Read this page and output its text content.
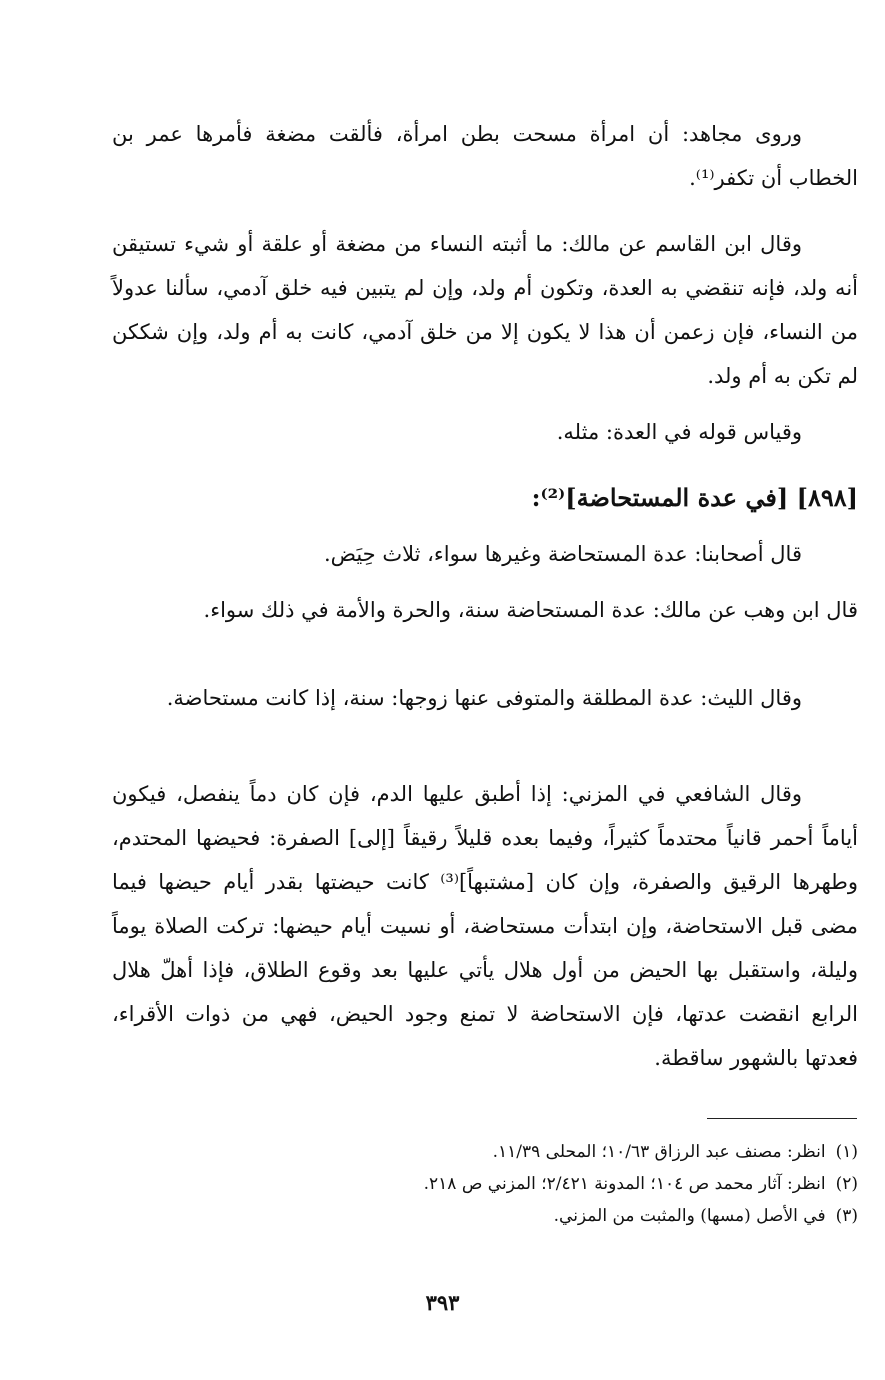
وروى مجاهد: أن امرأة مسحت بطن امرأة، فألقت مضغة فأمرها عمر بن الخطاب أن تكفر⁽¹⁾.
وقال ابن القاسم عن مالك: ما أثبته النساء من مضغة أو علقة أو شيء تستيقن أنه ولد، فإنه تنقضي به العدة، وتكون أم ولد، وإن لم يتبين فيه خلق آدمي، سألنا عدولاً من النساء، فإن زعمن أن هذا لا يكون إلا من خلق آدمي، كانت به أم ولد، وإن شككن لم تكن به أم ولد.
وقياس قوله في العدة: مثله.
[٨٩٨] [في عدة المستحاضة]⁽²⁾:
قال أصحابنا: عدة المستحاضة وغيرها سواء، ثلاث حِيَض.
قال ابن وهب عن مالك: عدة المستحاضة سنة، والحرة والأمة في ذلك سواء.
وقال الليث: عدة المطلقة والمتوفى عنها زوجها: سنة، إذا كانت مستحاضة.
وقال الشافعي في المزني: إذا أطبق عليها الدم، فإن كان دماً ينفصل، فيكون أياماً أحمر قانياً محتدماً كثيراً، وفيما بعده قليلاً رقيقاً [إلى] الصفرة: فحيضها المحتدم، وطهرها الرقيق والصفرة، وإن كان [مشتبهاً]⁽³⁾ كانت حيضتها بقدر أيام حيضها فيما مضى قبل الاستحاضة، وإن ابتدأت مستحاضة، أو نسيت أيام حيضها: تركت الصلاة يوماً وليلة، واستقبل بها الحيض من أول هلال يأتي عليها بعد وقوع الطلاق، فإذا أهلّ هلال الرابع انقضت عدتها، فإن الاستحاضة لا تمنع وجود الحيض، فهي من ذوات الأقراء، فعدتها بالشهور ساقطة.
(١)انظر: مصنف عبد الرزاق ١٠/٦٣؛ المحلى ١١/٣٩.
(٢)انظر: آثار محمد ص ١٠٤؛ المدونة ٢/٤٢١؛ المزني ص ٢١٨.
(٣)في الأصل (مسها) والمثبت من المزني.
٣٩٣
